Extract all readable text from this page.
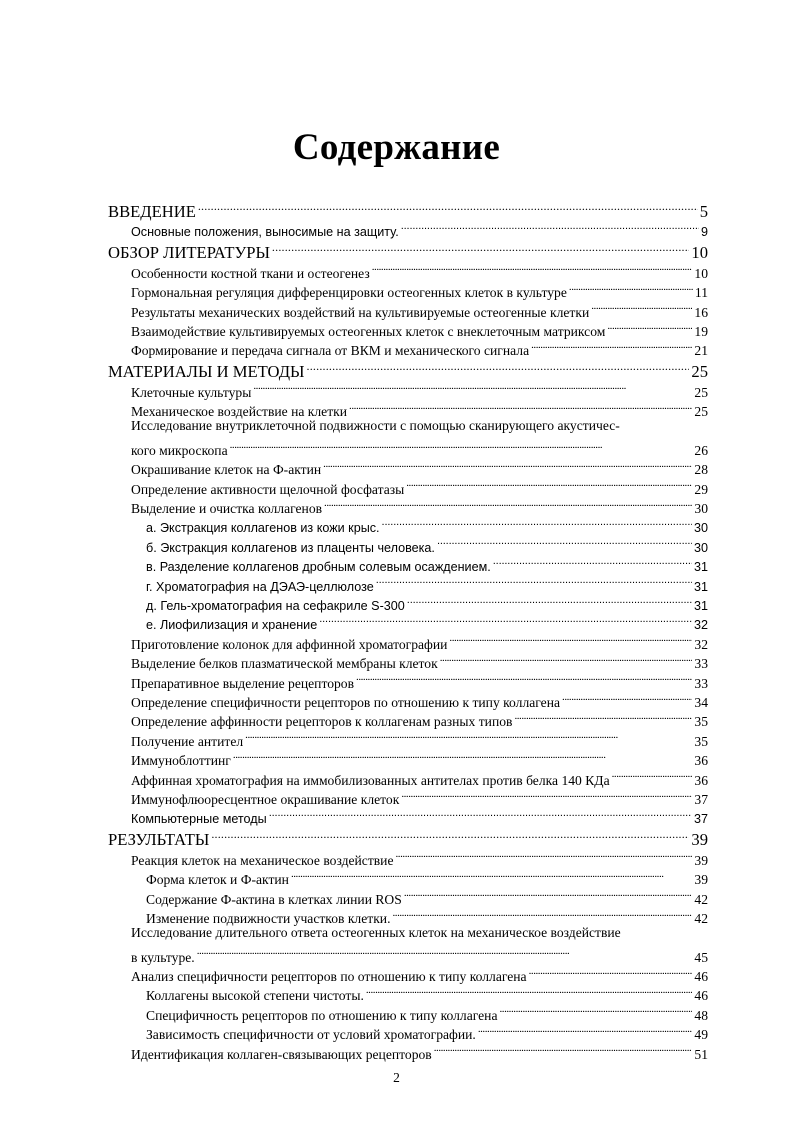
Содержание
ВВЕДЕНИЕ . . .	5
Основные положения, выносимые на защиту. . . .	9
ОБЗОР ЛИТЕРАТУРЫ . . .	10
Особенности костной ткани и остеогенез . . .	10
Гормональная регуляция дифференцировки остеогенных клеток в культуре . . .	11
Результаты механических воздействий на культивируемые остеогенные клетки . . .	16
Взаимодействие культивируемых остеогенных клеток с внеклеточным матриксом . . .	19
Формирование и передача сигнала от ВКМ и механического сигнала . . .	21
МАТЕРИАЛЫ И МЕТОДЫ . . .	25
Клеточные культуры . . .	25
Механическое воздействие на клетки . . .	25
Исследование внутриклеточной подвижности с помощью сканирующего акустичес-
кого микроскопа . . .	26
Окрашивание клеток на Ф-актин . . .	28
Определение активности щелочной фосфатазы . . .	29
Выделение и очистка коллагенов . . .	30
а. Экстракция коллагенов из кожи крыс. . . .	30
б. Экстракция коллагенов из плаценты человека. . . .	30
в. Разделение коллагенов дробным солевым осаждением. . . .	31
г. Хроматография на ДЭАЭ-целлюлозе . . .	31
д. Гель-хроматография на сефакриле S-300 . . .	31
е. Лиофилизация и хранение . . .	32
Приготовление колонок для аффинной хроматографии . . .	32
Выделение белков плазматической мембраны клеток . . .	33
Препаративное выделение рецепторов . . .	33
Определение специфичности рецепторов по отношению к типу коллагена . . .	34
Определение аффинности рецепторов к коллагенам разных типов . . .	35
Получение антител . . .	35
Иммуноблоттинг . . .	36
Аффинная хроматография на иммобилизованных антителах против белка 140 КДа . . .	36
Иммунофлюоресцентное окрашивание клеток . . .	37
Компьютерные методы . . .	37
РЕЗУЛЬТАТЫ . . .	39
Реакция клеток на механическое воздействие . . .	39
Форма клеток и Ф-актин . . .	39
Содержание Ф-актина в клетках линии ROS . . .	42
Изменение подвижности участков клетки. . . .	42
Исследование длительного ответа остеогенных клеток на механическое воздействие
в культуре. . . .	45
Анализ специфичности рецепторов по отношению к типу коллагена . . .	46
Коллагены высокой степени чистоты. . . .	46
Специфичность рецепторов по отношению к типу коллагена . . .	48
Зависимость специфичности от условий хроматографии. . . .	49
Идентификация коллаген-связывающих рецепторов . . .	51
2
